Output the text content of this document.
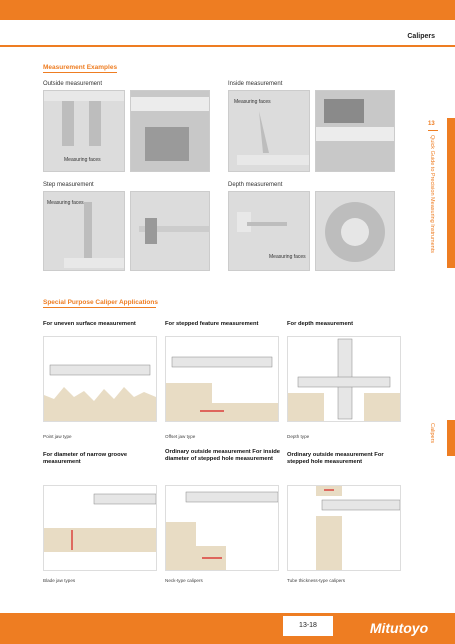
Calipers
13
Quick Guide to Precision Measuring Instruments
Calipers
Measurement Examples
Outside measurement
Measuring faces
Inside measurement
Measuring faces
Step measurement
Measuring faces
Depth measurement
Measuring faces
Special Purpose Caliper Applications
For uneven surface measurement
Point jaw type
For stepped feature measurement
Offset jaw type
For depth measurement
Depth type
For diameter of narrow groove measurement
Blade jaw types
Ordinary outside measurement For inside diameter of stepped hole measurement
Neck-type calipers
Ordinary outside measurement For stepped hole measurement
Tube thickness-type calipers
13-18	Mitutoyo
